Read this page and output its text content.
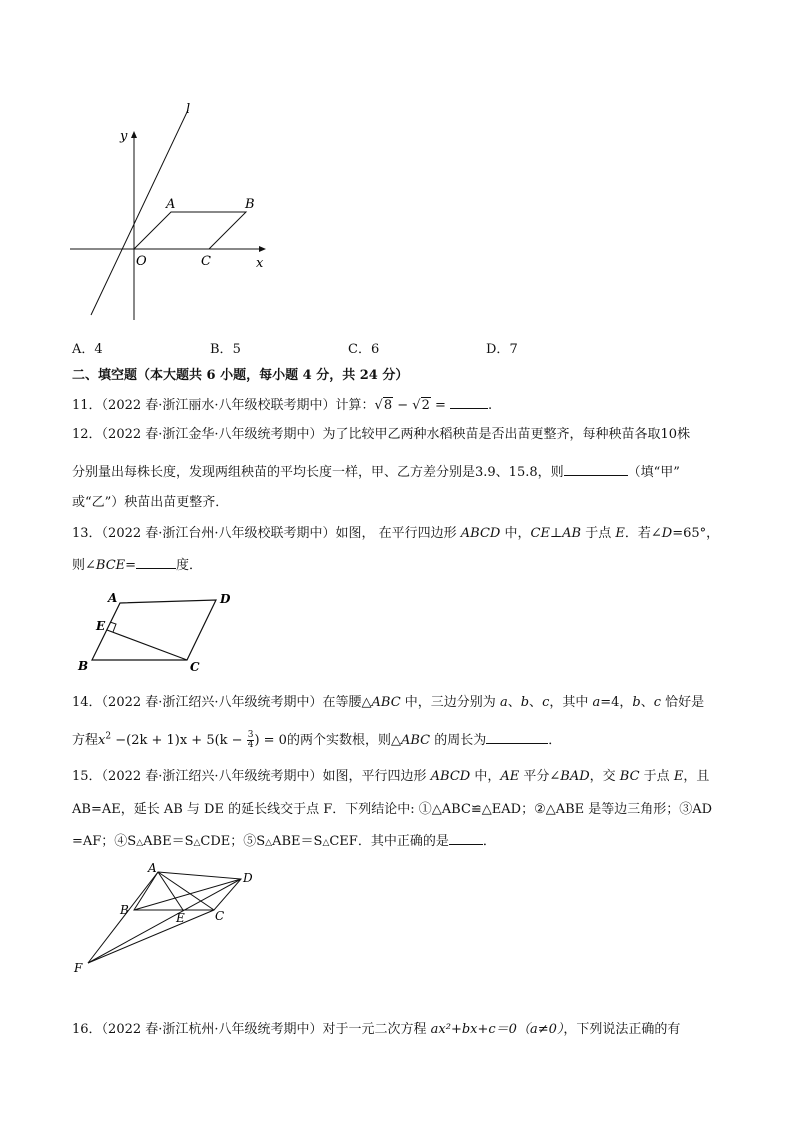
l
y
x
O
A	B
C
A．4	B．5	C．6	D．7
二、填空题（本大题共 6 小题，每小题 4 分，共 24 分）
11．（2022 春·浙江丽水·八年级校联考期中）计算：√8 − √2 =	.
12．（2022 春·浙江金华·八年级统考期中）为了比较甲乙两种水稻秧苗是否出苗更整齐，每种秧苗各取10株
分别量出每株长度，发现两组秧苗的平均长度一样，甲、乙方差分别是3.9、15.8，则	（填“甲”
或“乙”）秧苗出苗更整齐．
13．（2022 春·浙江台州·八年级校联考期中）如图， 在平行四边形 ABCD 中，CE⊥AB 于点 E．若∠D=65°，
则∠BCE=	度．
A	D
E
B	C
14．（2022 春·浙江绍兴·八年级统考期中）在等腰△ABC 中，三边分别为 a、b、c，其中 a=4，b、c 恰好是
方程$x^2 -(2k + 1)x + 5(k - \frac{3}{4}$ ) = 0的两个实数根，则△ABC 的周长为	．
15．（2022 春·浙江绍兴·八年级统考期中）如图，平行四边形 ABCD 中，AE 平分∠BAD，交 BC 于点 E，且
AB=AE，延长 AB 与 DE 的延长线交于点 F．下列结论中: ①△ABC≌△EAD；②△ABE 是等边三角形；③AD
=AF；④S△ABE＝S△CDE；⑤S△ABE＝S△CEF．其中正确的是	．
A
D
B
E	C
F
16．（2022 春·浙江杭州·八年级统考期中）对于一元二次方程 ax²+bx+c＝0（a≠0），下列说法正确的有
